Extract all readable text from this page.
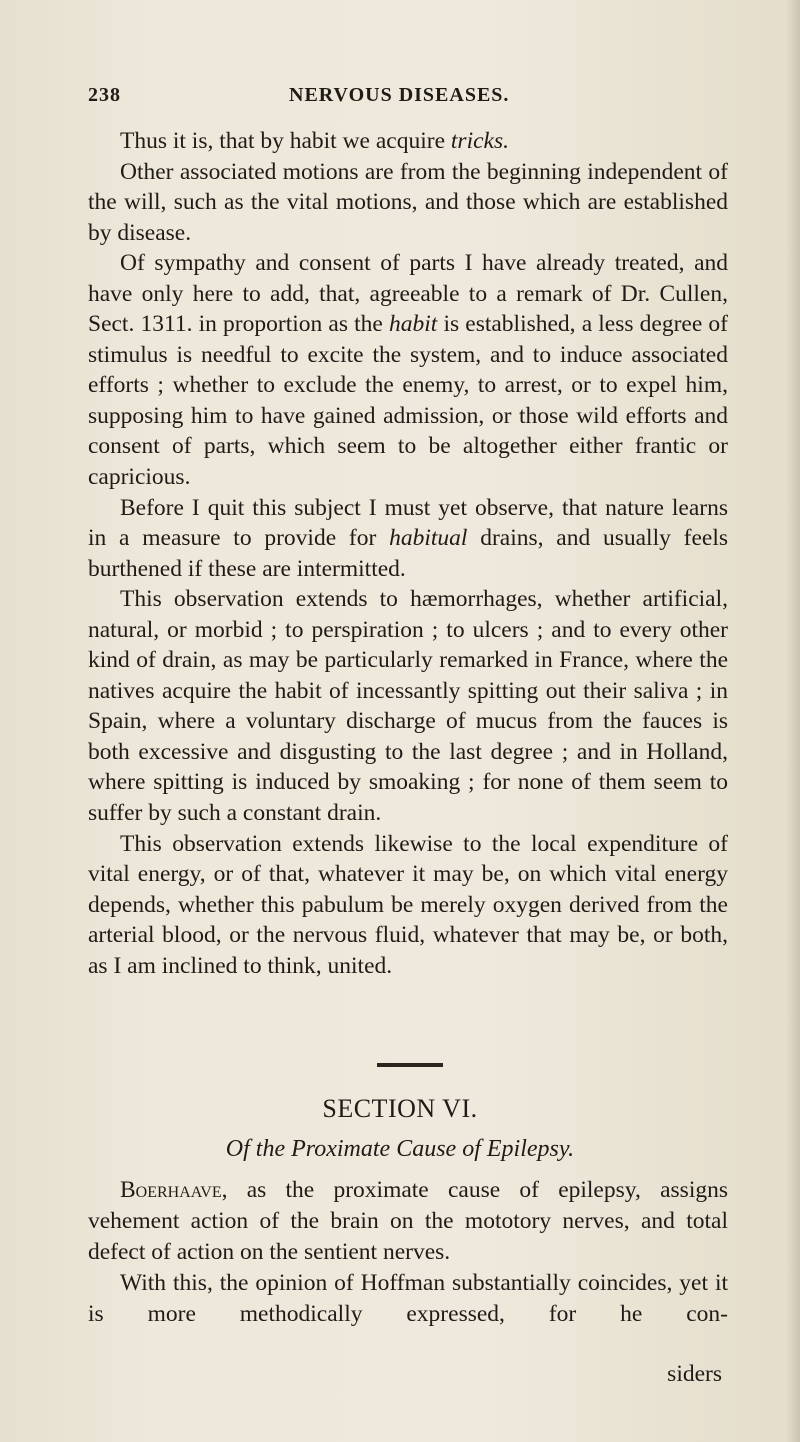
238	NERVOUS DISEASES.

Thus it is, that by habit we acquire tricks.

Other associated motions are from the beginning independent of the will, such as the vital motions, and those which are established by disease.

Of sympathy and consent of parts I have already treated, and have only here to add, that, agreeable to a remark of Dr. Cullen, Sect. 1311. in proportion as the habit is established, a less degree of stimulus is needful to excite the system, and to induce associated efforts ; whether to exclude the enemy, to arrest, or to expel him, supposing him to have gained admission, or those wild efforts and consent of parts, which seem to be altogether either frantic or capricious.

Before I quit this subject I must yet observe, that nature learns in a measure to provide for habitual drains, and usually feels burthened if these are intermitted.

This observation extends to hæmorrhages, whether artificial, natural, or morbid ; to perspiration ; to ulcers ; and to every other kind of drain, as may be particularly remarked in France, where the natives acquire the habit of incessantly spitting out their saliva ; in Spain, where a voluntary discharge of mucus from the fauces is both excessive and disgusting to the last degree ; and in Holland, where spitting is induced by smoaking ; for none of them seem to suffer by such a constant drain.

This observation extends likewise to the local expenditure of vital energy, or of that, whatever it may be, on which vital energy depends, whether this pabulum be merely oxygen derived from the arterial blood, or the nervous fluid, whatever that may be, or both, as I am inclined to think, united.

SECTION VI.
Of the Proximate Cause of Epilepsy.

Boerhaave, as the proximate cause of epilepsy, assigns vehement action of the brain on the mototory nerves, and total defect of action on the sentient nerves.

With this, the opinion of Hoffman substantially coincides, yet it is more methodically expressed, for he con-

siders
